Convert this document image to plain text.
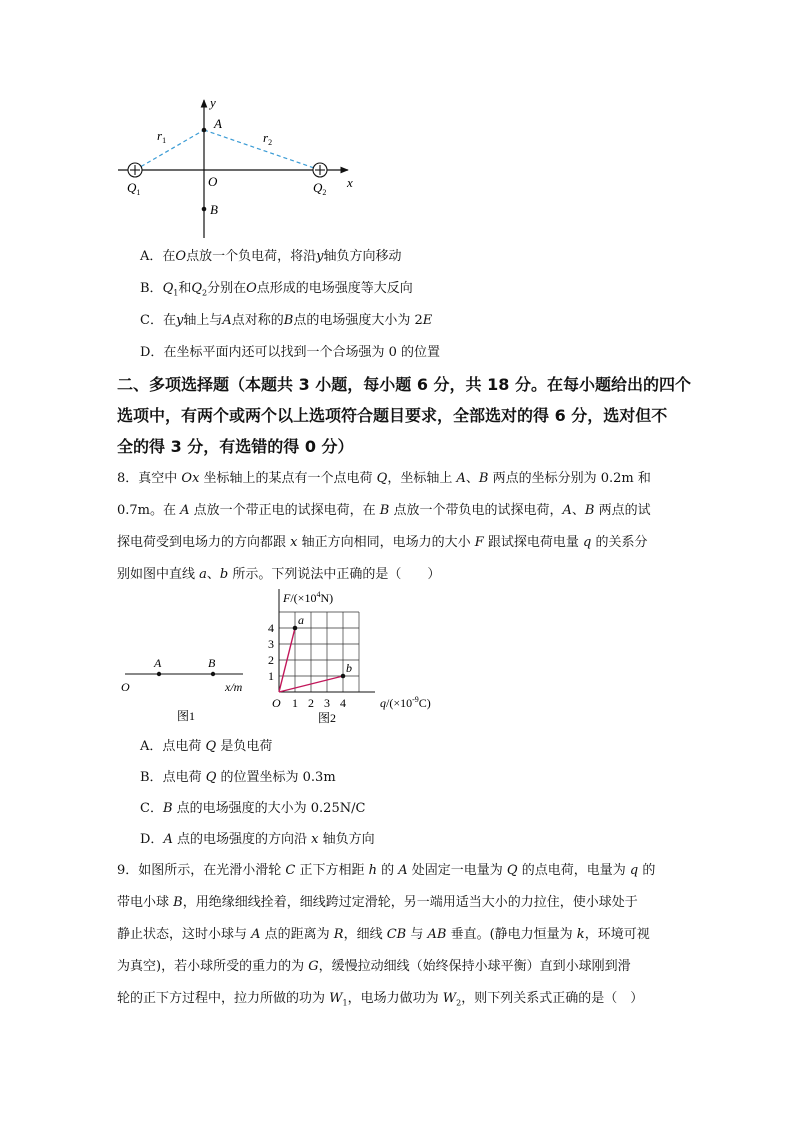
y
x
A
O
B
$r_1$	$r_2$
$Q_1$	$Q_2$
A．在O点放一个负电荷，将沿y轴负方向移动
B．$Q_1$和$Q_2$分别在O点形成的电场强度等大反向
C．在y轴上与A点对称的B点的电场强度大小为 2E
D．在坐标平面内还可以找到一个合场强为 0 的位置
二、多项选择题（本题共 3 小题，每小题 6 分，共 18 分。在每小题给出的四个
选项中，有两个或两个以上选项符合题目要求，全部选对的得 6 分，选对但不
全的得 3 分，有选错的得 0 分）
8．真空中 Ox 坐标轴上的某点有一个点电荷 Q，坐标轴上 A、B 两点的坐标分别为 0.2m 和
0.7m。在 A 点放一个带正电的试探电荷，在 B 点放一个带负电的试探电荷，A、B 两点的试
探电荷受到电场力的方向都跟 x 轴正方向相同，电场力的大小 F 跟试探电荷电量 q 的关系分
别如图中直线 a、b 所示。下列说法中正确的是（　　）
O
A	B
x/m
图1
1 2 3 4
1
2
3
4
a
b
O
$F/(\times 10^4N)$
$q/(\times 10^{-9}C)$
图2
A．点电荷 Q 是负电荷
B．点电荷 Q 的位置坐标为 0.3m
C．B 点的电场强度的大小为 0.25N/C
D．A 点的电场强度的方向沿 x 轴负方向
9．如图所示，在光滑小滑轮 C 正下方相距 h 的 A 处固定一电量为 Q 的点电荷，电量为 q 的
带电小球 B，用绝缘细线拴着，细线跨过定滑轮，另一端用适当大小的力拉住，使小球处于
静止状态，这时小球与 A 点的距离为 R，细线 CB 与 AB 垂直。(静电力恒量为 k，环境可视
为真空)，若小球所受的重力的为 G，缓慢拉动细线（始终保持小球平衡）直到小球刚到滑
轮的正下方过程中，拉力所做的功为 $W_1$，电场力做功为 $W_2$，则下列关系式正确的是（　）
